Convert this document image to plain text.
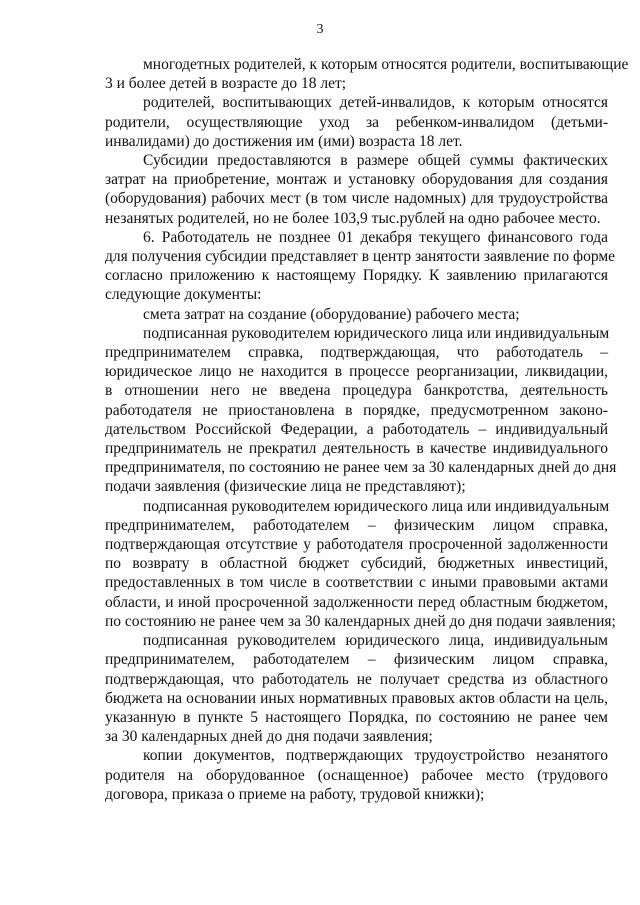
3

многодетных родителей, к которым относятся родители, воспитывающие
3 и более детей в возрасте до 18 лет;

родителей, воспитывающих детей-инвалидов, к которым относятся
родители, осуществляющие уход за ребенком-инвалидом (детьми-
инвалидами) до достижения им (ими) возраста 18 лет.

Субсидии предоставляются в размере общей суммы фактических
затрат на приобретение, монтаж и установку оборудования для создания
(оборудования) рабочих мест (в том числе надомных) для трудоустройства
незанятых родителей, но не более 103,9 тыс.рублей на одно рабочее место.

6. Работодатель не позднее 01 декабря текущего финансового года
для получения субсидии представляет в центр занятости заявление по форме
согласно приложению к настоящему Порядку. К заявлению прилагаются
следующие документы:

смета затрат на создание (оборудование) рабочего места;

подписанная руководителем юридического лица или индивидуальным
предпринимателем справка, подтверждающая, что работодатель –
юридическое лицо не находится в процессе реорганизации, ликвидации,
в отношении него не введена процедура банкротства, деятельность
работодателя не приостановлена в порядке, предусмотренном законо-
дательством Российской Федерации, а работодатель – индивидуальный
предприниматель не прекратил деятельность в качестве индивидуального
предпринимателя, по состоянию не ранее чем за 30 календарных дней до дня
подачи заявления (физические лица не представляют);

подписанная руководителем юридического лица или индивидуальным
предпринимателем, работодателем – физическим лицом справка,
подтверждающая отсутствие у работодателя просроченной задолженности
по возврату в областной бюджет субсидий, бюджетных инвестиций,
предоставленных в том числе в соответствии с иными правовыми актами
области, и иной просроченной задолженности перед областным бюджетом,
по состоянию не ранее чем за 30 календарных дней до дня подачи заявления;

подписанная руководителем юридического лица, индивидуальным
предпринимателем, работодателем – физическим лицом справка,
подтверждающая, что работодатель не получает средства из областного
бюджета на основании иных нормативных правовых актов области на цель,
указанную в пункте 5 настоящего Порядка, по состоянию не ранее чем
за 30 календарных дней до дня подачи заявления;

копии документов, подтверждающих трудоустройство незанятого
родителя на оборудованное (оснащенное) рабочее место (трудового
договора, приказа о приеме на работу, трудовой книжки);
